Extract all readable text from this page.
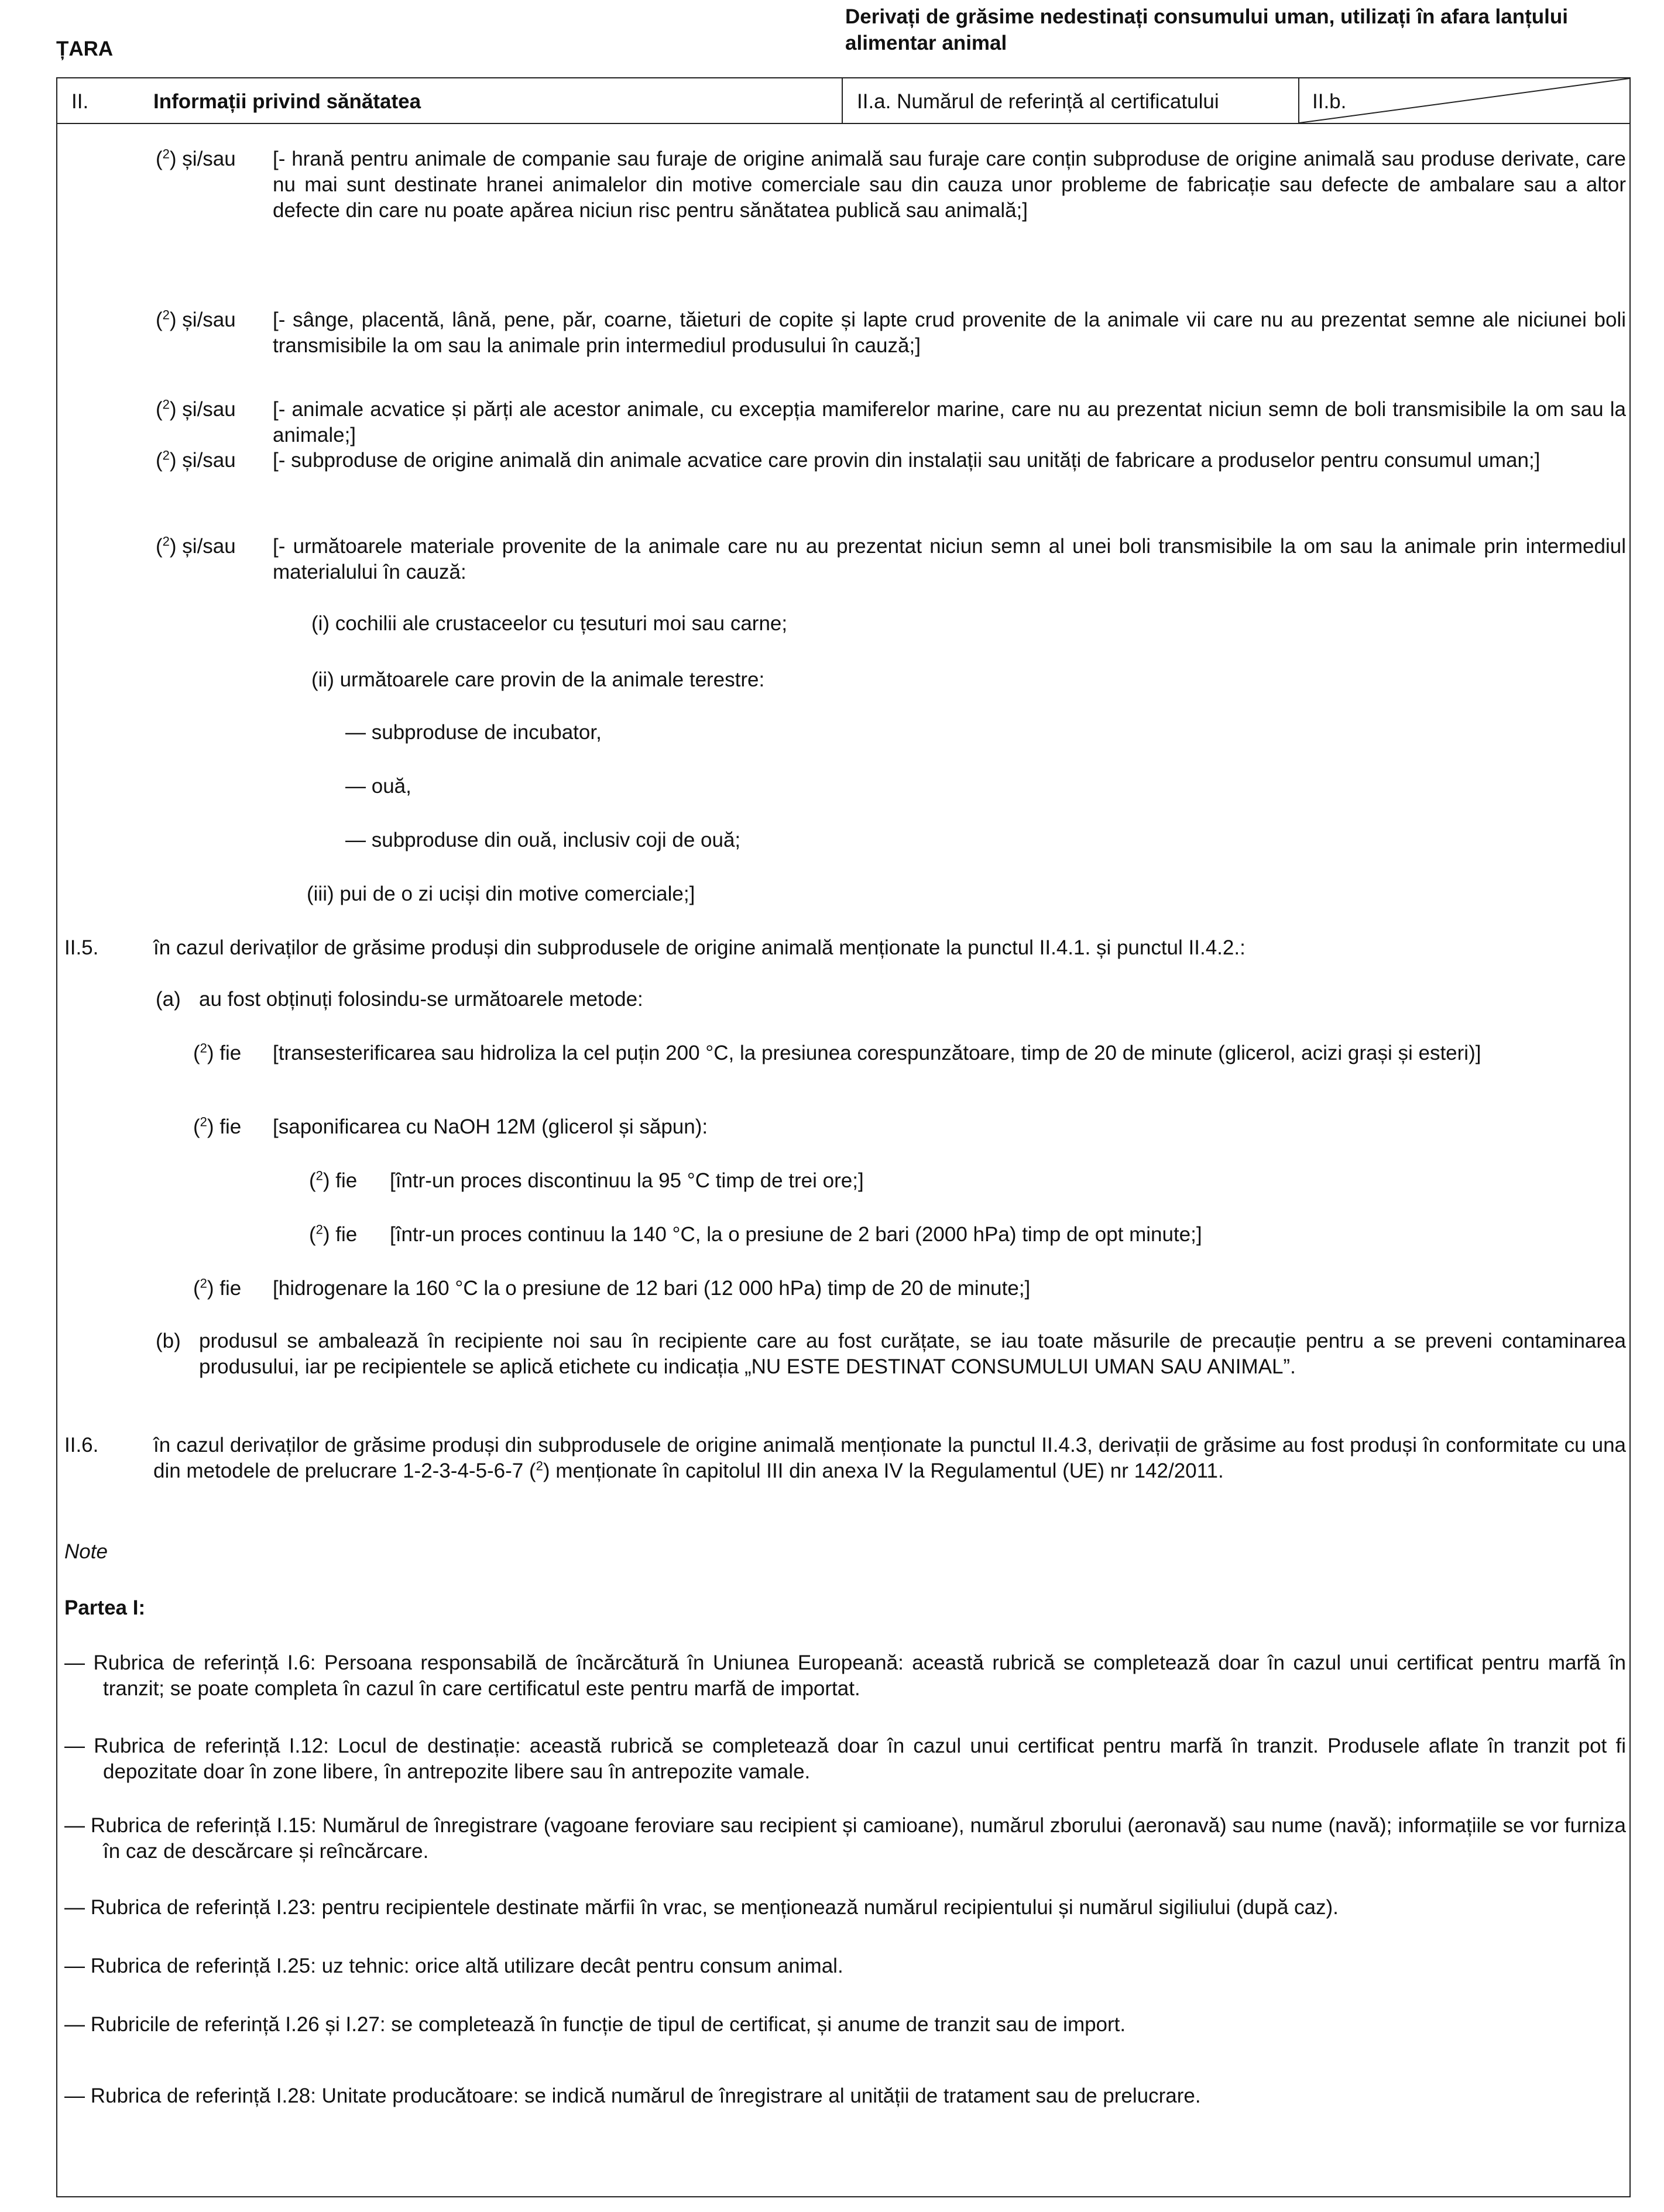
ȚARA
Derivați de grăsime nedestinați consumului uman, utilizați în afara lanțului alimentar animal
II.	Informații privind sănătatea	II.a. Numărul de referință al certificatului	II.b.
($^2$) și/sau [- hrană pentru animale de companie sau furaje de origine animală sau furaje care conțin subproduse de origine animală sau produse derivate, care nu mai sunt destinate hranei animalelor din motive comerciale sau din cauza unor probleme de fabricație sau defecte de ambalare sau a altor defecte din care nu poate apărea niciun risc pentru sănătatea publică sau animală;]
($^2$) și/sau [- sânge, placentă, lână, pene, păr, coarne, tăieturi de copite și lapte crud provenite de la animale vii care nu au prezentat semne ale niciunei boli transmisibile la om sau la animale prin intermediul produsului în cauză;]
($^2$) și/sau [- animale acvatice și părți ale acestor animale, cu excepția mamiferelor marine, care nu au prezentat niciun semn de boli transmisibile la om sau la animale;]
($^2$) și/sau [- subproduse de origine animală din animale acvatice care provin din instalații sau unități de fabricare a produselor pentru consumul uman;]
($^2$) și/sau [- următoarele materiale provenite de la animale care nu au prezentat niciun semn al unei boli transmisibile la om sau la animale prin intermediul materialului în cauză:
(i) cochilii ale crustaceelor cu țesuturi moi sau carne;
(ii) următoarele care provin de la animale terestre:
— subproduse de incubator,
— ouă,
— subproduse din ouă, inclusiv coji de ouă;
(iii) pui de o zi uciși din motive comerciale;]
II.5.	în cazul derivaților de grăsime produși din subprodusele de origine animală menționate la punctul II.4.1. și punctul II.4.2.:
(a) au fost obținuți folosindu-se următoarele metode:
($^2$) fie [transesterificarea sau hidroliza la cel puțin 200 °C, la presiunea corespunzătoare, timp de 20 de minute (glicerol, acizi grași și esteri)]
($^2$) fie [saponificarea cu NaOH 12M (glicerol și săpun):
($^2$) fie [într-un proces discontinuu la 95 °C timp de trei ore;]
($^2$) fie [într-un proces continuu la 140 °C, la o presiune de 2 bari (2000 hPa) timp de opt minute;]
($^2$) fie [hidrogenare la 160 °C la o presiune de 12 bari (12 000 hPa) timp de 20 de minute;]
(b) produsul se ambalează în recipiente noi sau în recipiente care au fost curățate, se iau toate măsurile de precauție pentru a se preveni contaminarea produsului, iar pe recipientele se aplică etichete cu indicația „NU ESTE DESTINAT CONSUMULUI UMAN SAU ANIMAL”.
II.6.	în cazul derivaților de grăsime produși din subprodusele de origine animală menționate la punctul II.4.3, derivații de grăsime au fost produși în conformitate cu una din metodele de prelucrare 1-2-3-4-5-6-7 ($^2$) menționate în capitolul III din anexa IV la Regulamentul (UE) nr 142/2011.
Note
Partea I:
— Rubrica de referință I.6: Persoana responsabilă de încărcătură în Uniunea Europeană: această rubrică se completează doar în cazul unui certificat pentru marfă în tranzit; se poate completa în cazul în care certificatul este pentru marfă de importat.
— Rubrica de referință I.12: Locul de destinație: această rubrică se completează doar în cazul unui certificat pentru marfă în tranzit. Produsele aflate în tranzit pot fi depozitate doar în zone libere, în antrepozite libere sau în antrepozite vamale.
— Rubrica de referință I.15: Numărul de înregistrare (vagoane feroviare sau recipient și camioane), numărul zborului (aeronavă) sau nume (navă); informațiile se vor furniza în caz de descărcare și reîncărcare.
— Rubrica de referință I.23: pentru recipientele destinate mărfii în vrac, se menționează numărul recipientului și numărul sigiliului (după caz).
— Rubrica de referință I.25: uz tehnic: orice altă utilizare decât pentru consum animal.
— Rubricile de referință I.26 și I.27: se completează în funcție de tipul de certificat, și anume de tranzit sau de import.
— Rubrica de referință I.28: Unitate producătoare: se indică numărul de înregistrare al unității de tratament sau de prelucrare.
